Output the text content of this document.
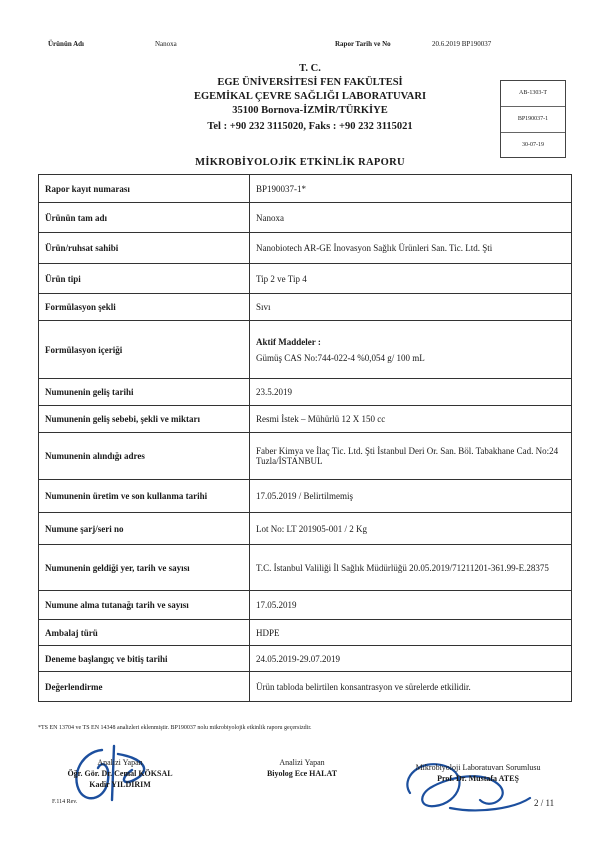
Ürünün Adı	Nanoxa	Rapor Tarih ve No	20.6.2019 BP190037
T. C.
EGE ÜNİVERSİTESİ FEN FAKÜLTESİ
EGEMİKAL ÇEVRE SAĞLIĞI LABORATUVARI
35100 Bornova-İZMİR/TÜRKİYE
Tel : +90 232 3115020, Faks : +90 232 3115021
AB-1303-T
BP190037-1
30-07-19
MİKROBİYOLOJİK ETKİNLİK RAPORU
Rapor kayıt numarası	BP190037-1*
Ürünün tam adı	Nanoxa
Ürün/ruhsat sahibi	Nanobiotech AR-GE İnovasyon Sağlık Ürünleri San. Tic. Ltd. Şti
Ürün tipi	Tip 2 ve Tip 4
Formülasyon şekli	Sıvı
Formülasyon içeriği	Aktif Maddeler :
Gümüş CAS No:744-022-4 %0,054 g/ 100 mL
Numunenin geliş tarihi	23.5.2019
Numunenin geliş sebebi, şekli ve miktarı	Resmi İstek – Mühürlü 12 X 150 cc
Numunenin alındığı adres	Faber Kimya ve İlaç Tic. Ltd. Şti İstanbul Deri Or. San. Böl. Tabakhane Cad. No:24 Tuzla/İSTANBUL
Numunenin üretim ve son kullanma tarihi	17.05.2019 / Belirtilmemiş
Numune şarj/seri no	Lot No: LT 201905-001 / 2 Kg
Numunenin geldiği yer, tarih ve sayısı	T.C. İstanbul Valiliği İl Sağlık Müdürlüğü 20.05.2019/71211201-361.99-E.28375
Numune alma tutanağı tarih ve sayısı	17.05.2019
Ambalaj türü	HDPE
Deneme başlangıç ve bitiş tarihi	24.05.2019-29.07.2019
Değerlendirme	Ürün tabloda belirtilen konsantrasyon ve sürelerde etkilidir.
*TS EN 13704 ve TS EN 14348 analizleri eklenmiştir. BP190037 nolu mikrobiyolojik etkinlik raporu geçersizdir.
Analizi Yapan
Öğr. Gör. Dr. Cemal KÖKSAL
Kadir YILDIRIM
Analizi Yapan
Biyolog Ece HALAT
Mikrobiyoloji Laboratuvarı Sorumlusu
Prof. Dr. Mustafa ATEŞ
F.114 Rev.	2 / 11
